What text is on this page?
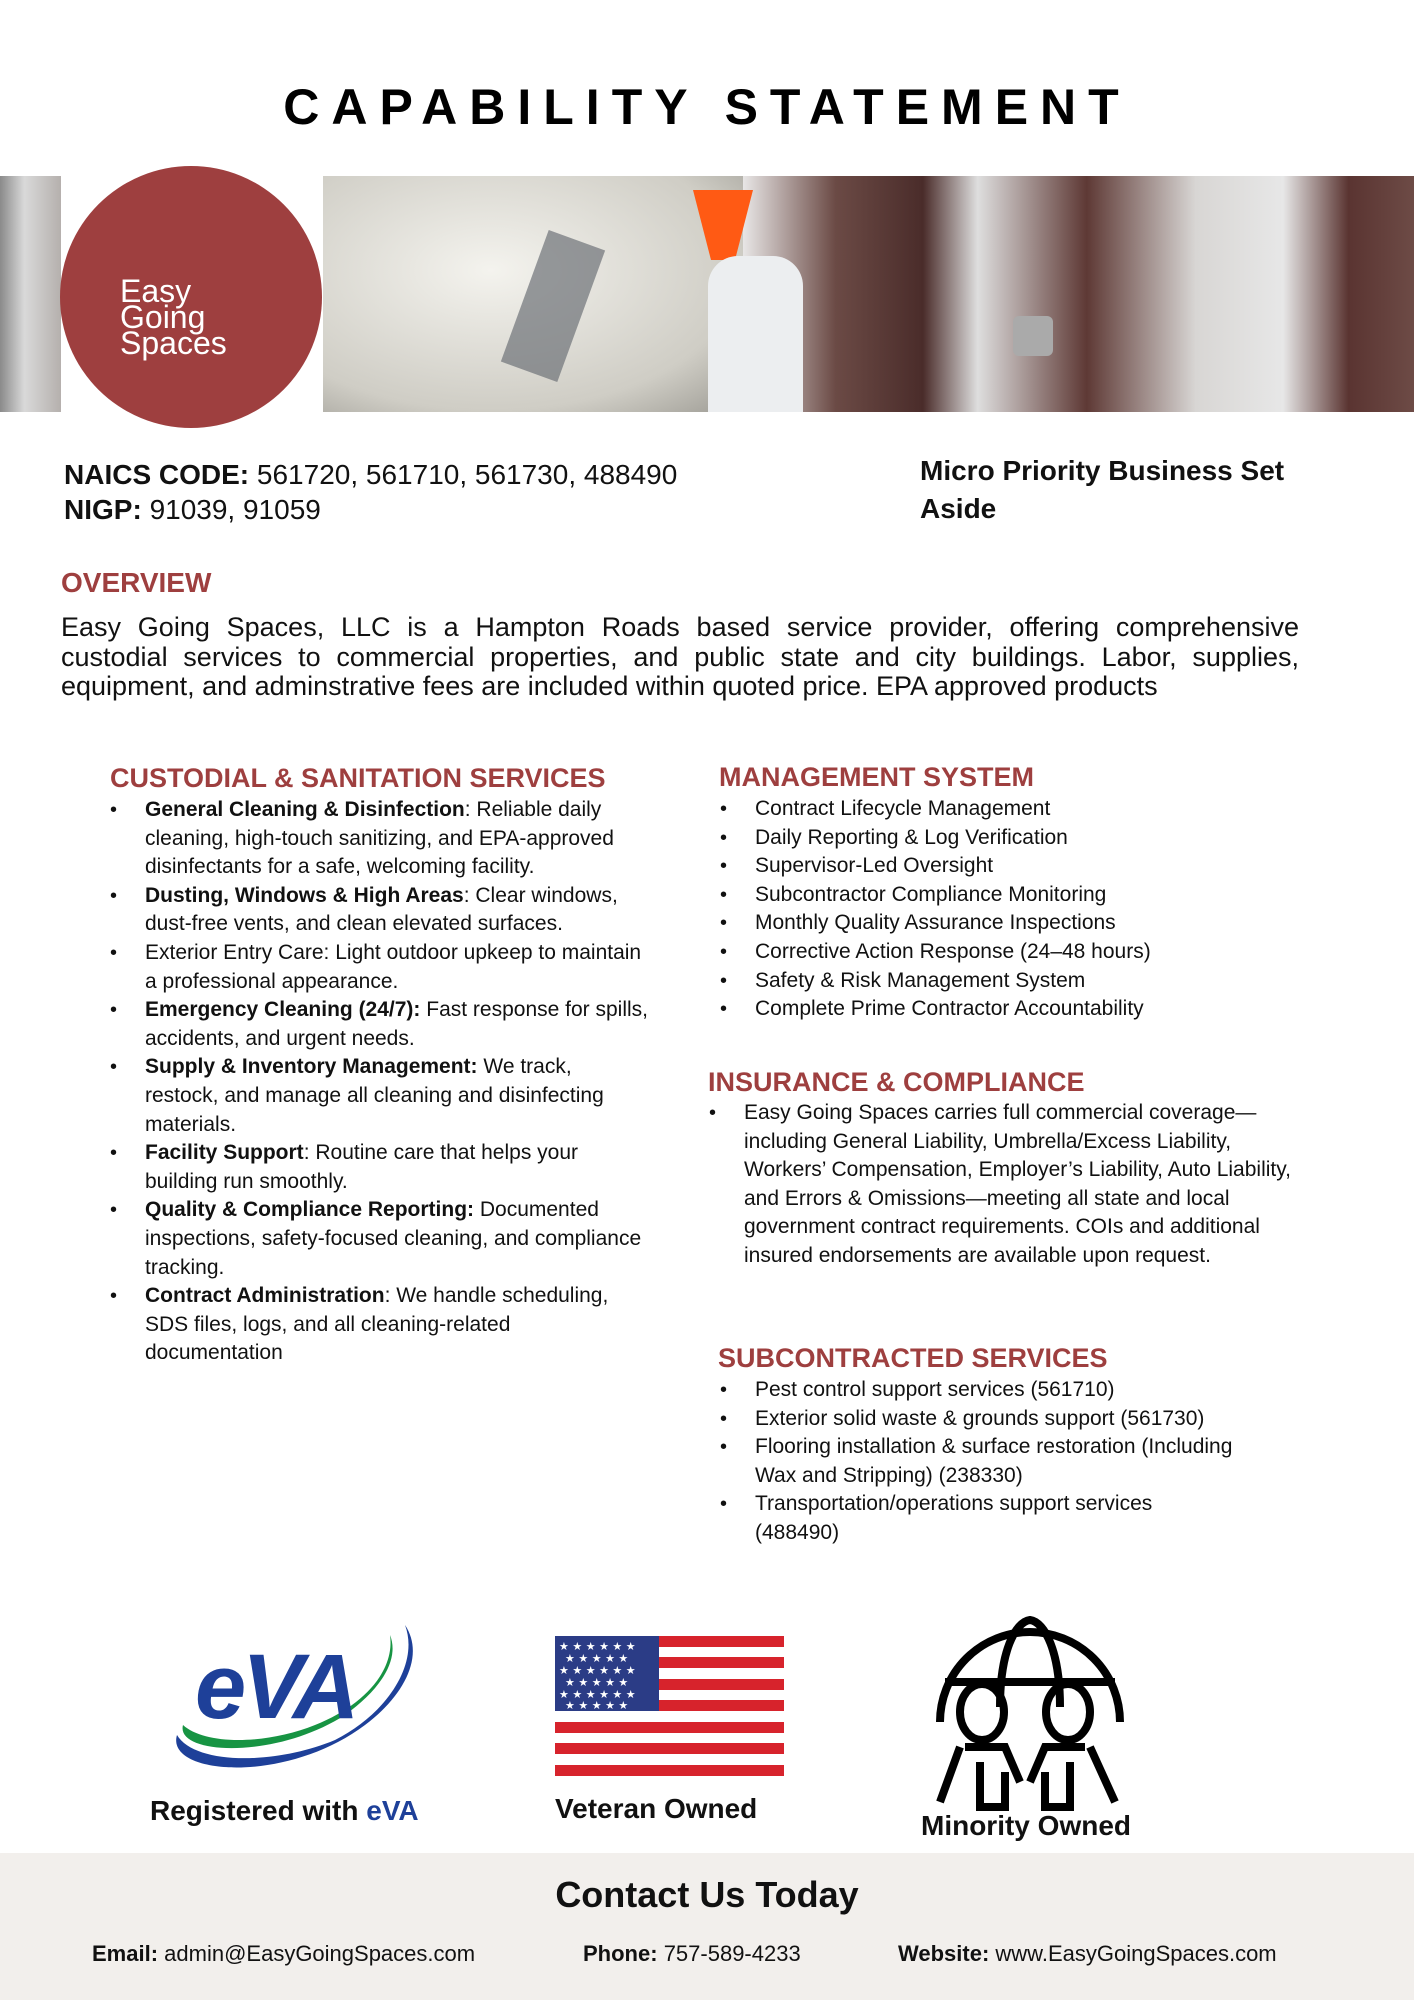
CAPABILITY STATEMENT
Easy
Going
Spaces
NAICS CODE: 561720, 561710, 561730, 488490
NIGP: 91039, 91059
Micro Priority Business Set Aside
OVERVIEW
Easy Going Spaces, LLC is a Hampton Roads based service provider, offering comprehensive custodial services to commercial properties, and public state and city buildings. Labor, supplies, equipment, and adminstrative fees are included within quoted price. EPA approved products
CUSTODIAL & SANITATION SERVICES
• General Cleaning & Disinfection: Reliable daily cleaning, high-touch sanitizing, and EPA-approved disinfectants for a safe, welcoming facility.
• Dusting, Windows & High Areas: Clear windows, dust-free vents, and clean elevated surfaces.
• Exterior Entry Care: Light outdoor upkeep to maintain a professional appearance.
• Emergency Cleaning (24/7): Fast response for spills, accidents, and urgent needs.
• Supply & Inventory Management: We track, restock, and manage all cleaning and disinfecting materials.
• Facility Support: Routine care that helps your building run smoothly.
• Quality & Compliance Reporting: Documented inspections, safety-focused cleaning, and compliance tracking.
• Contract Administration: We handle scheduling, SDS files, logs, and all cleaning-related documentation
MANAGEMENT SYSTEM
• Contract Lifecycle Management
• Daily Reporting & Log Verification
• Supervisor-Led Oversight
• Subcontractor Compliance Monitoring
• Monthly Quality Assurance Inspections
• Corrective Action Response (24–48 hours)
• Safety & Risk Management System
• Complete Prime Contractor Accountability
INSURANCE & COMPLIANCE
• Easy Going Spaces carries full commercial coverage—including General Liability, Umbrella/Excess Liability, Workers’ Compensation, Employer’s Liability, Auto Liability, and Errors & Omissions—meeting all state and local government contract requirements. COIs and additional insured endorsements are available upon request.
SUBCONTRACTED SERVICES
• Pest control support services (561710)
• Exterior solid waste & grounds support (561730)
• Flooring installation & surface restoration (Including Wax and Stripping) (238330)
• Transportation/operations support services (488490)
eVA
Registered with eVA
★ ★ ★ ★ ★ ★
★ ★ ★ ★ ★
★ ★ ★ ★ ★ ★
★ ★ ★ ★ ★
★ ★ ★ ★ ★ ★
★ ★ ★ ★ ★
Veteran Owned
Minority Owned
Contact Us Today
Email: admin@EasyGoingSpaces.com	Phone: 757-589-4233	Website: www.EasyGoingSpaces.com
